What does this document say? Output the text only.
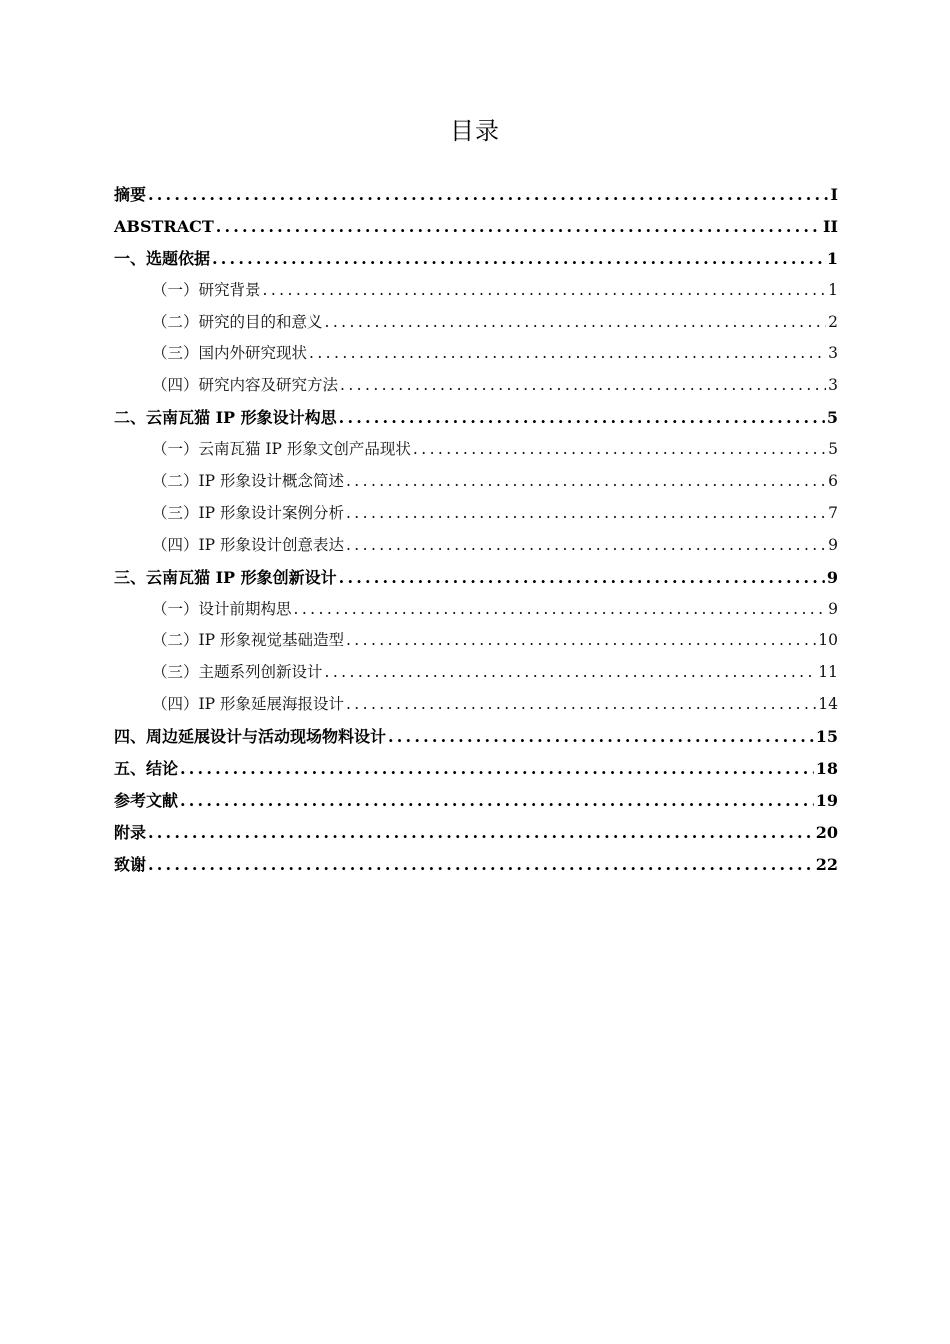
目录
摘要 .....	I
ABSTRACT .....	II
一、选题依据 .....	1
（一）研究背景 .....	1
（二）研究的目的和意义 .....	2
（三）国内外研究现状 .....	3
（四）研究内容及研究方法 .....	3
二、云南瓦猫 IP 形象设计构思 .....	5
（一）云南瓦猫 IP 形象文创产品现状 .....	5
（二）IP 形象设计概念简述 .....	6
（三）IP 形象设计案例分析 .....	7
（四）IP 形象设计创意表达 .....	9
三、云南瓦猫 IP 形象创新设计 .....	9
（一）设计前期构思 .....	9
（二）IP 形象视觉基础造型 .....	10
（三）主题系列创新设计 .....	11
（四）IP 形象延展海报设计 .....	14
四、周边延展设计与活动现场物料设计 .....	15
五、结论 .....	18
参考文献 .....	19
附录 .....	20
致谢 .....	22
